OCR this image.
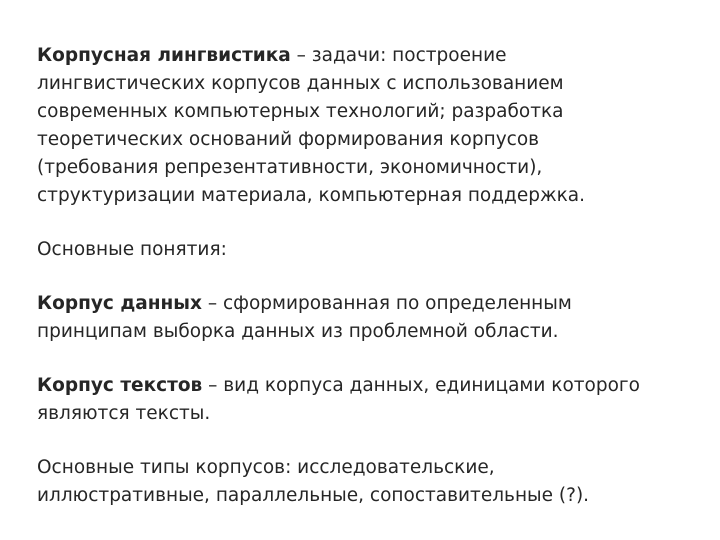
Корпусная лингвистика – задачи: построение
лингвистических корпусов данных с использованием
современных компьютерных технологий; разработка
теоретических оснований формирования корпусов
(требования репрезентативности, экономичности),
структуризации материала, компьютерная поддержка.
Основные понятия:
Корпус данных – сформированная по определенным
принципам выборка данных из проблемной области.
Корпус текстов – вид корпуса данных, единицами которого
являются тексты.
Основные типы корпусов: исследовательские,
иллюстративные, параллельные, сопоставительные (?).
